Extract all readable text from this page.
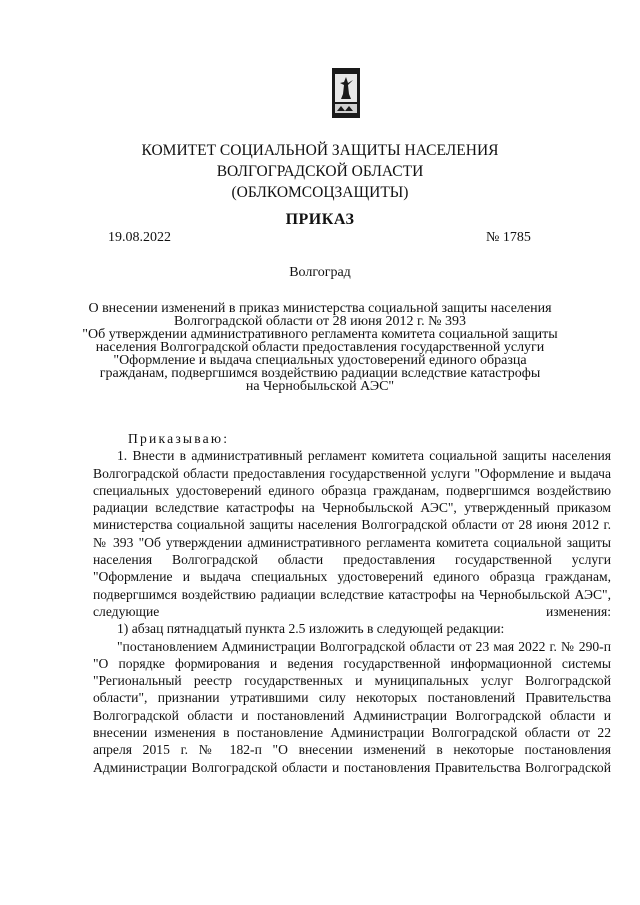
КОМИТЕТ СОЦИАЛЬНОЙ ЗАЩИТЫ НАСЕЛЕНИЯ
ВОЛГОГРАДСКОЙ ОБЛАСТИ
(ОБЛКОМСОЦЗАЩИТЫ)
ПРИКАЗ
19.08.2022	№ 1785
Волгоград
О внесении изменений в приказ министерства социальной защиты населения
Волгоградской области от 28 июня 2012 г. № 393
"Об утверждении административного регламента комитета социальной защиты
населения Волгоградской области предоставления государственной услуги
"Оформление и выдача специальных удостоверений единого образца
гражданам, подвергшимся воздействию радиации вследствие катастрофы
на Чернобыльской АЭС"

Приказываю:

1. Внести в административный регламент комитета социальной защиты населения Волгоградской области предоставления государственной услуги "Оформление и выдача специальных удостоверений единого образца гражданам, подвергшимся воздействию радиации вследствие катастрофы на Чернобыльской АЭС", утвержденный приказом министерства социальной защиты населения Волгоградской области от 28 июня 2012 г. № 393 "Об утверждении административного регламента комитета социальной защиты населения Волгоградской области предоставления государственной услуги "Оформление и выдача специальных удостоверений единого образца гражданам, подвергшимся воздействию радиации вследствие катастрофы на Чернобыльской АЭС", следующие изменения:

1) абзац пятнадцатый пункта 2.5 изложить в следующей редакции:

"постановлением Администрации Волгоградской области от 23 мая 2022 г. № 290-п "О порядке формирования и ведения государственной информационной системы "Региональный реестр государственных и муниципальных услуг Волгоградской области", признании утратившими силу некоторых постановлений Правительства Волгоградской области и постановлений Администрации Волгоградской области и внесении изменения в постановление Администрации Волгоградской области от 22 апреля 2015 г. № 182-п "О внесении изменений в некоторые постановления Администрации Волгоградской области и постановления Правительства Волгоградской
